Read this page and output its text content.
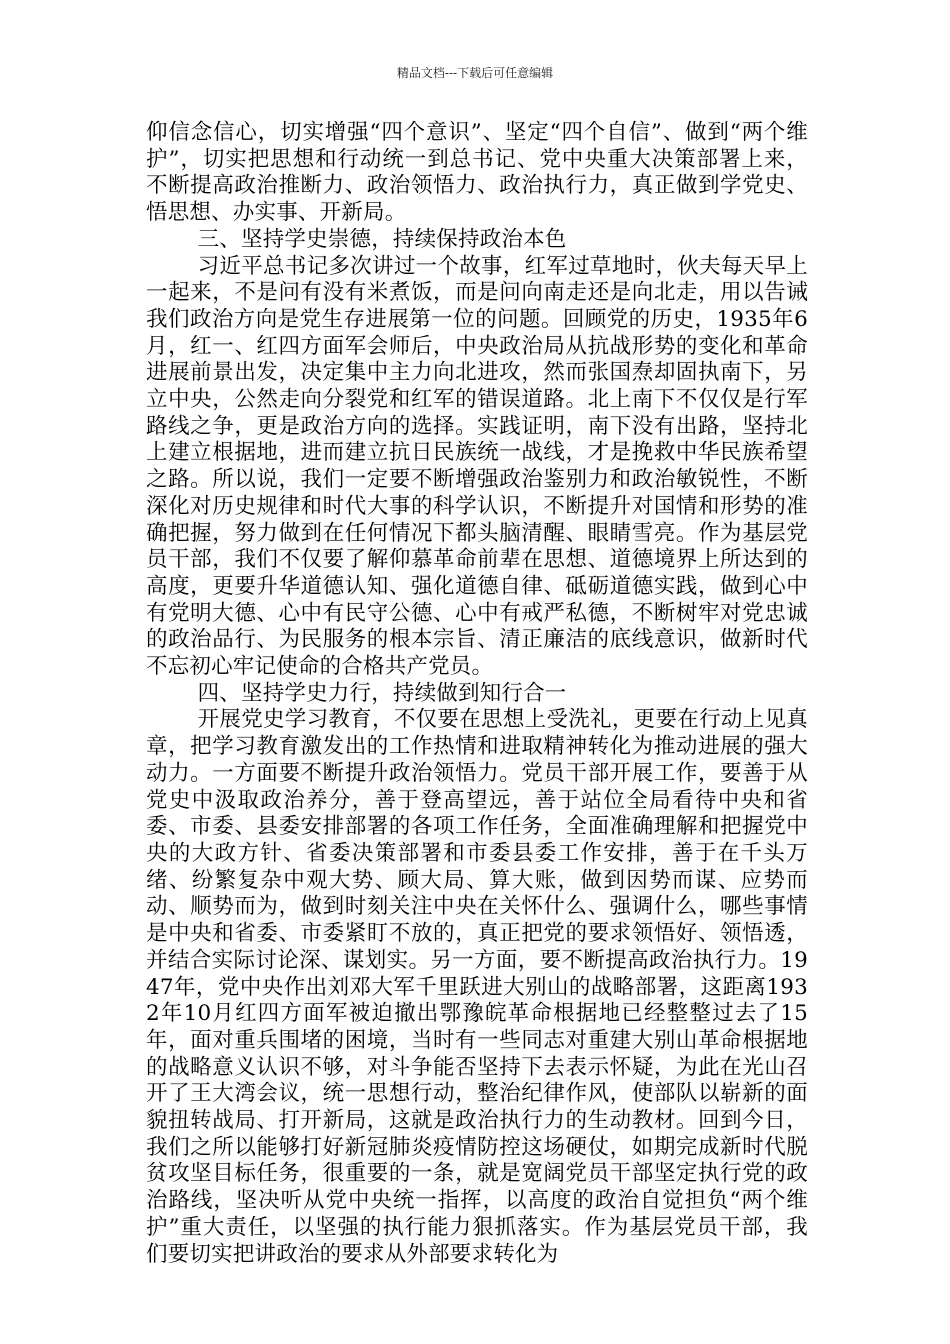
精品文档---下载后可任意编辑

仰信念信心，切实增强“四个意识”、坚定“四个自信”、做到“两个维护”，切实把思想和行动统一到总书记、党中央重大决策部署上来，不断提高政治推断力、政治领悟力、政治执行力，真正做到学党史、悟思想、办实事、开新局。

三、坚持学史崇德，持续保持政治本色

习近平总书记多次讲过一个故事，红军过草地时，伙夫每天早上一起来，不是问有没有米煮饭，而是问向南走还是向北走，用以告诫我们政治方向是党生存进展第一位的问题。回顾党的历史，1935年6月，红一、红四方面军会师后，中央政治局从抗战形势的变化和革命进展前景出发，决定集中主力向北进攻，然而张国焘却固执南下，另立中央，公然走向分裂党和红军的错误道路。北上南下不仅仅是行军路线之争，更是政治方向的选择。实践证明，南下没有出路，坚持北上建立根据地，进而建立抗日民族统一战线，才是挽救中华民族希望之路。所以说，我们一定要不断增强政治鉴别力和政治敏锐性，不断深化对历史规律和时代大事的科学认识，不断提升对国情和形势的准确把握，努力做到在任何情况下都头脑清醒、眼睛雪亮。作为基层党员干部，我们不仅要了解仰慕革命前辈在思想、道德境界上所达到的高度，更要升华道德认知、强化道德自律、砥砺道德实践，做到心中有党明大德、心中有民守公德、心中有戒严私德，不断树牢对党忠诚的政治品行、为民服务的根本宗旨、清正廉洁的底线意识，做新时代不忘初心牢记使命的合格共产党员。

四、坚持学史力行，持续做到知行合一

开展党史学习教育，不仅要在思想上受洗礼，更要在行动上见真章，把学习教育激发出的工作热情和进取精神转化为推动进展的强大动力。一方面要不断提升政治领悟力。党员干部开展工作，要善于从党史中汲取政治养分，善于登高望远，善于站位全局看待中央和省委、市委、县委安排部署的各项工作任务，全面准确理解和把握党中央的大政方针、省委决策部署和市委县委工作安排，善于在千头万绪、纷繁复杂中观大势、顾大局、算大账，做到因势而谋、应势而动、顺势而为，做到时刻关注中央在关怀什么、强调什么，哪些事情是中央和省委、市委紧盯不放的，真正把党的要求领悟好、领悟透，并结合实际讨论深、谋划实。另一方面，要不断提高政治执行力。1947年，党中央作出刘邓大军千里跃进大别山的战略部署，这距离1932年10月红四方面军被迫撤出鄂豫皖革命根据地已经整整过去了15年，面对重兵围堵的困境，当时有一些同志对重建大别山革命根据地的战略意义认识不够，对斗争能否坚持下去表示怀疑，为此在光山召开了王大湾会议，统一思想行动，整治纪律作风，使部队以崭新的面貌扭转战局、打开新局，这就是政治执行力的生动教材。回到今日，我们之所以能够打好新冠肺炎疫情防控这场硬仗，如期完成新时代脱贫攻坚目标任务，很重要的一条，就是宽阔党员干部坚定执行党的政治路线，坚决听从党中央统一指挥，以高度的政治自觉担负“两个维护”重大责任，以坚强的执行能力狠抓落实。作为基层党员干部，我们要切实把讲政治的要求从外部要求转化为
